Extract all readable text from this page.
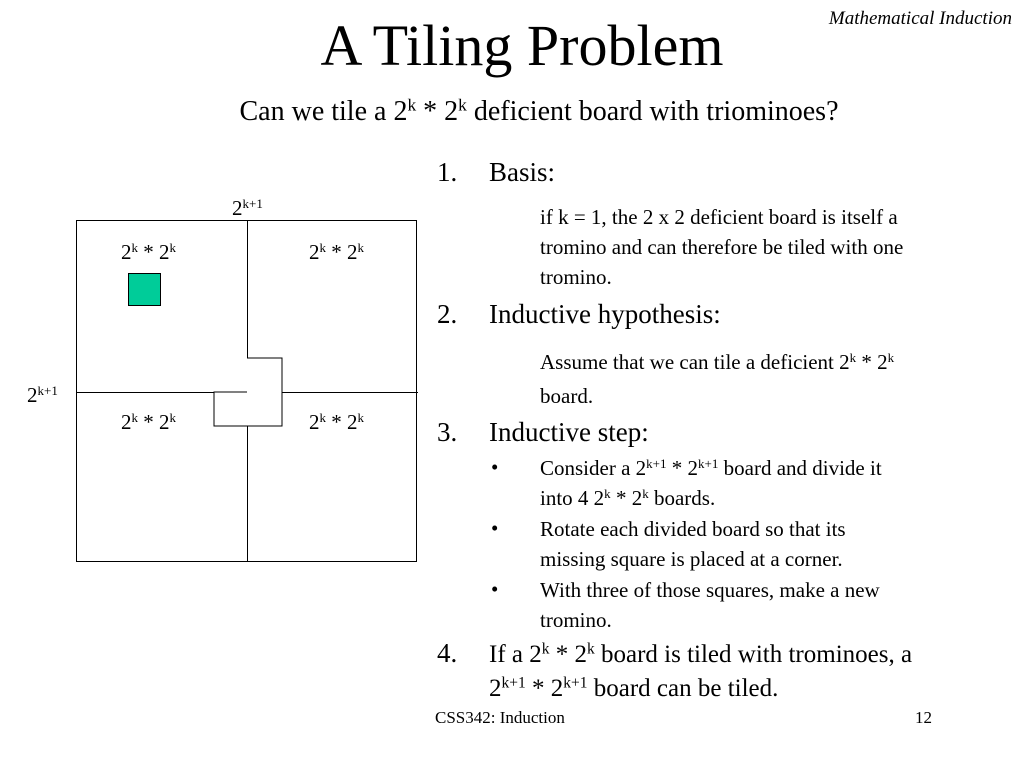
Mathematical Induction
A Tiling Problem
Can we tile a 2$^k$ * 2$^k$ deficient board with triominoes?
$2^{k+1}$
$2^{k+1}$
2$^k$ * 2$^k$	2$^k$ * 2$^k$
2$^k$ * 2$^k$	2$^k$ * 2$^k$
1. Basis:
if k = 1, the 2 x 2 deficient board is itself a
tromino and can therefore be tiled with one
tromino.
2. Inductive hypothesis:
Assume that we can tile a deficient 2$^k$ * 2$^k$
board.
3. Inductive step:
• Consider a $2^{k+1} * 2^{k+1}$ board and divide it
into 4 2$^k$ * 2$^k$ boards.
• Rotate each divided board so that its
missing square is placed at a corner.
• With three of those squares, make a new
tromino.
4. If a 2$^k$ * 2$^k$ board is tiled with trominoes, a
$2^{k+1} * 2^{k+1}$ board can be tiled.
CSS342: Induction	12
